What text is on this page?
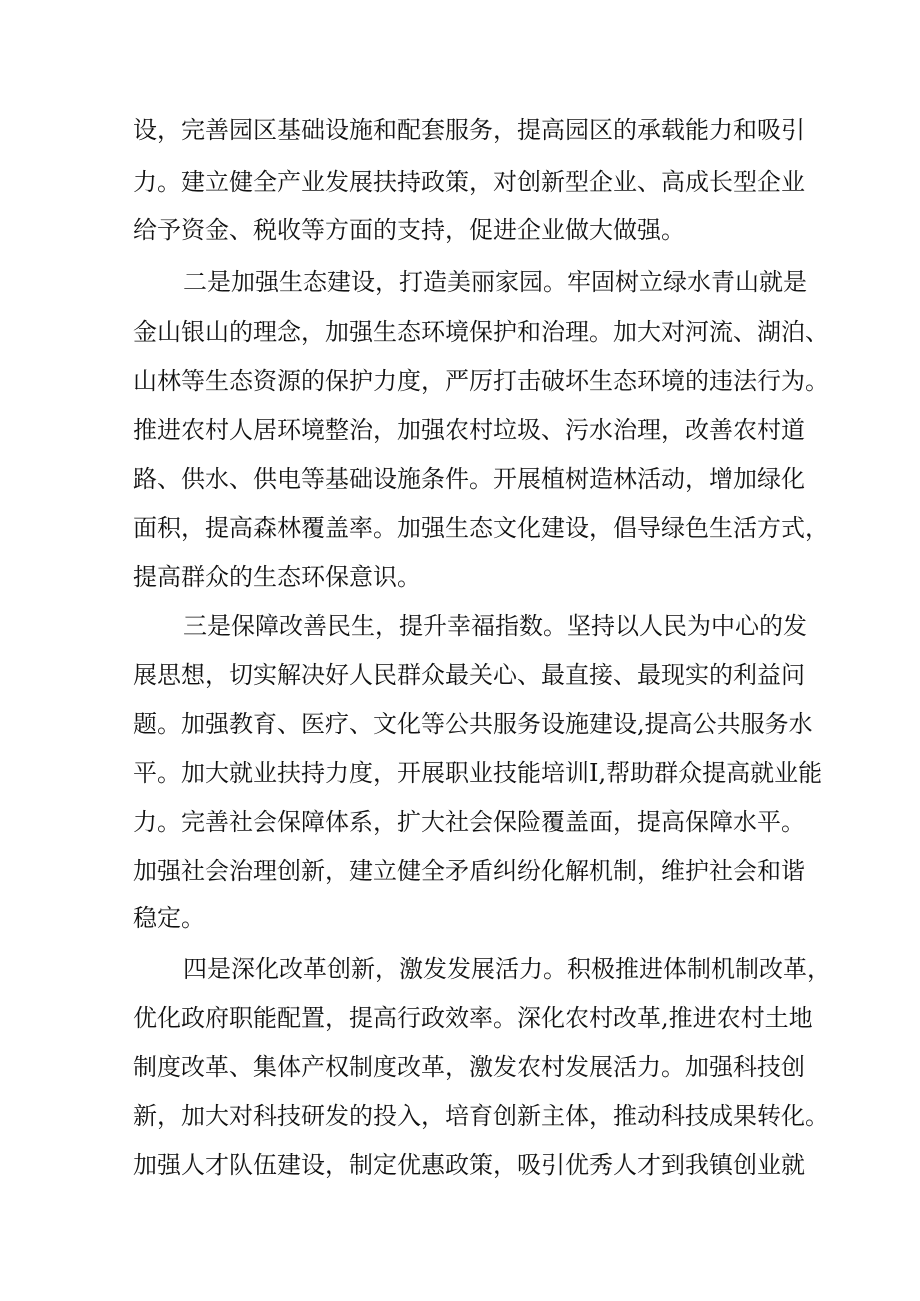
设，完善园区基础设施和配套服务，提高园区的承载能力和吸引
力。建立健全产业发展扶持政策，对创新型企业、高成长型企业
给予资金、税收等方面的支持，促进企业做大做强。
二是加强生态建设，打造美丽家园。牢固树立绿水青山就是
金山银山的理念，加强生态环境保护和治理。加大对河流、湖泊、
山林等生态资源的保护力度，严厉打击破坏生态环境的违法行为。
推进农村人居环境整治，加强农村垃圾、污水治理，改善农村道
路、供水、供电等基础设施条件。开展植树造林活动，增加绿化
面积，提高森林覆盖率。加强生态文化建设，倡导绿色生活方式，
提高群众的生态环保意识。
三是保障改善民生，提升幸福指数。坚持以人民为中心的发
展思想，切实解决好人民群众最关心、最直接、最现实的利益问
题。加强教育、医疗、文化等公共服务设施建设,提高公共服务水
平。加大就业扶持力度，开展职业技能培训I,帮助群众提高就业能
力。完善社会保障体系，扩大社会保险覆盖面，提高保障水平。
加强社会治理创新，建立健全矛盾纠纷化解机制，维护社会和谐
稳定。
四是深化改革创新，激发发展活力。积极推进体制机制改革，
优化政府职能配置，提高行政效率。深化农村改革,推进农村土地
制度改革、集体产权制度改革，激发农村发展活力。加强科技创
新，加大对科技研发的投入，培育创新主体，推动科技成果转化。
加强人才队伍建设，制定优惠政策，吸引优秀人才到我镇创业就
